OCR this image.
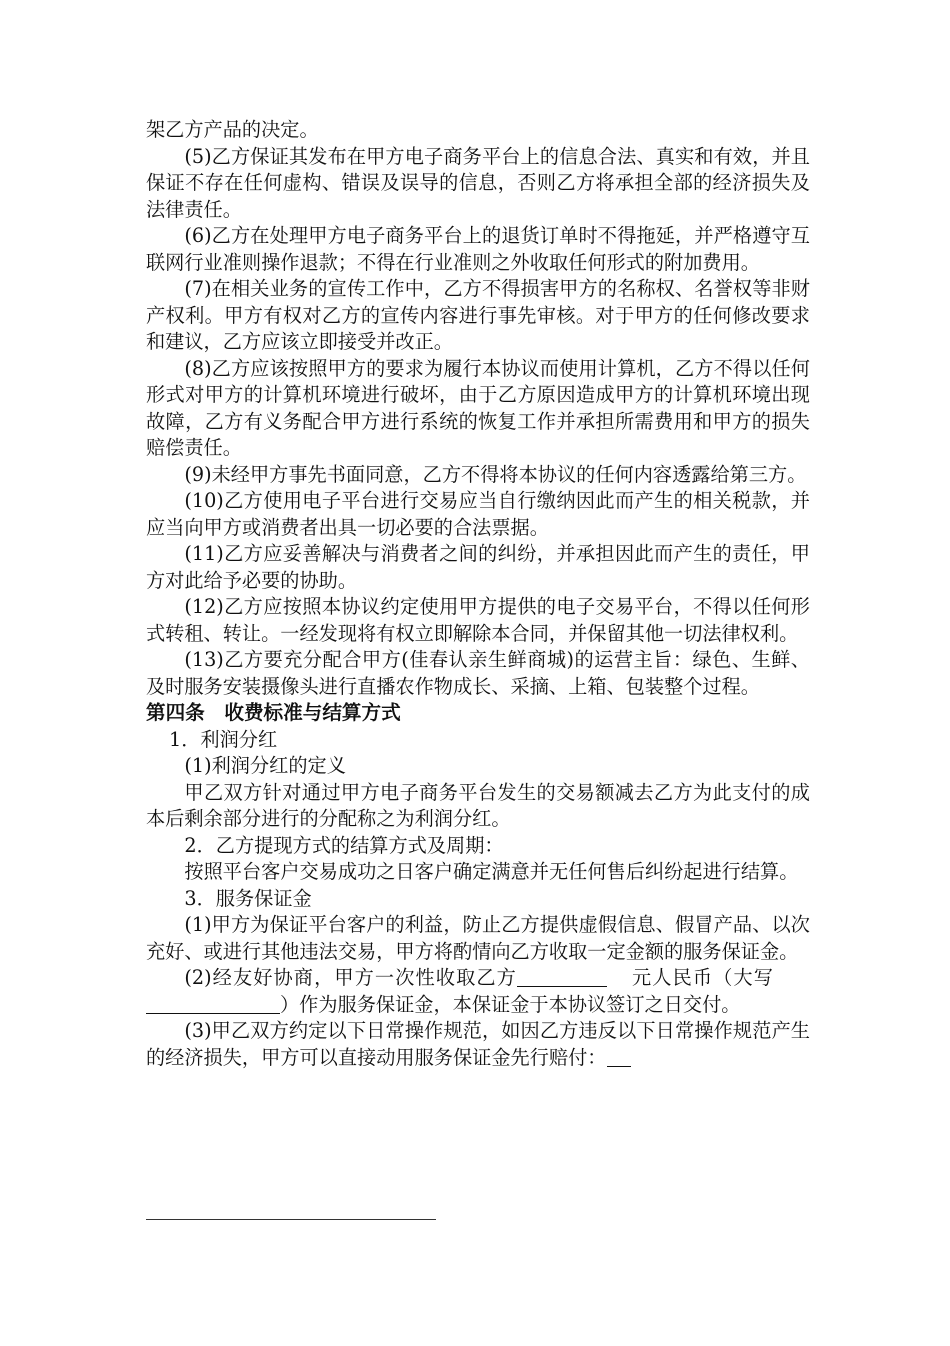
架乙方产品的决定。

(5)乙方保证其发布在甲方电子商务平台上的信息合法、真实和有效，并且保证不存在任何虚构、错误及误导的信息，否则乙方将承担全部的经济损失及法律责任。

(6)乙方在处理甲方电子商务平台上的退货订单时不得拖延，并严格遵守互联网行业准则操作退款；不得在行业准则之外收取任何形式的附加费用。

(7)在相关业务的宣传工作中，乙方不得损害甲方的名称权、名誉权等非财产权利。甲方有权对乙方的宣传内容进行事先审核。对于甲方的任何修改要求和建议，乙方应该立即接受并改正。

(8)乙方应该按照甲方的要求为履行本协议而使用计算机，乙方不得以任何形式对甲方的计算机环境进行破坏，由于乙方原因造成甲方的计算机环境出现故障，乙方有义务配合甲方进行系统的恢复工作并承担所需费用和甲方的损失赔偿责任。

(9)未经甲方事先书面同意，乙方不得将本协议的任何内容透露给第三方。

(10)乙方使用电子平台进行交易应当自行缴纳因此而产生的相关税款，并应当向甲方或消费者出具一切必要的合法票据。

(11)乙方应妥善解决与消费者之间的纠纷，并承担因此而产生的责任，甲方对此给予必要的协助。

(12)乙方应按照本协议约定使用甲方提供的电子交易平台，不得以任何形式转租、转让。一经发现将有权立即解除本合同，并保留其他一切法律权利。

(13)乙方要充分配合甲方(佳春认亲生鲜商城)的运营主旨：绿色、生鲜、及时服务安装摄像头进行直播农作物成长、采摘、上箱、包装整个过程。

第四条　收费标准与结算方式

1．利润分红

(1)利润分红的定义

甲乙双方针对通过甲方电子商务平台发生的交易额减去乙方为此支付的成本后剩余部分进行的分配称之为利润分红。

2．乙方提现方式的结算方式及周期：

按照平台客户交易成功之日客户确定满意并无任何售后纠纷起进行结算。

3．服务保证金

(1)甲方为保证平台客户的利益，防止乙方提供虚假信息、假冒产品、以次充好、或进行其他违法交易，甲方将酌情向乙方收取一定金额的服务保证金。

(2)经友好协商，甲方一次性收取乙方	元人民币（大写）作为服务保证金，本保证金于本协议签订之日交付。

(3)甲乙双方约定以下日常操作规范，如因乙方违反以下日常操作规范产生的经济损失，甲方可以直接动用服务保证金先行赔付：
